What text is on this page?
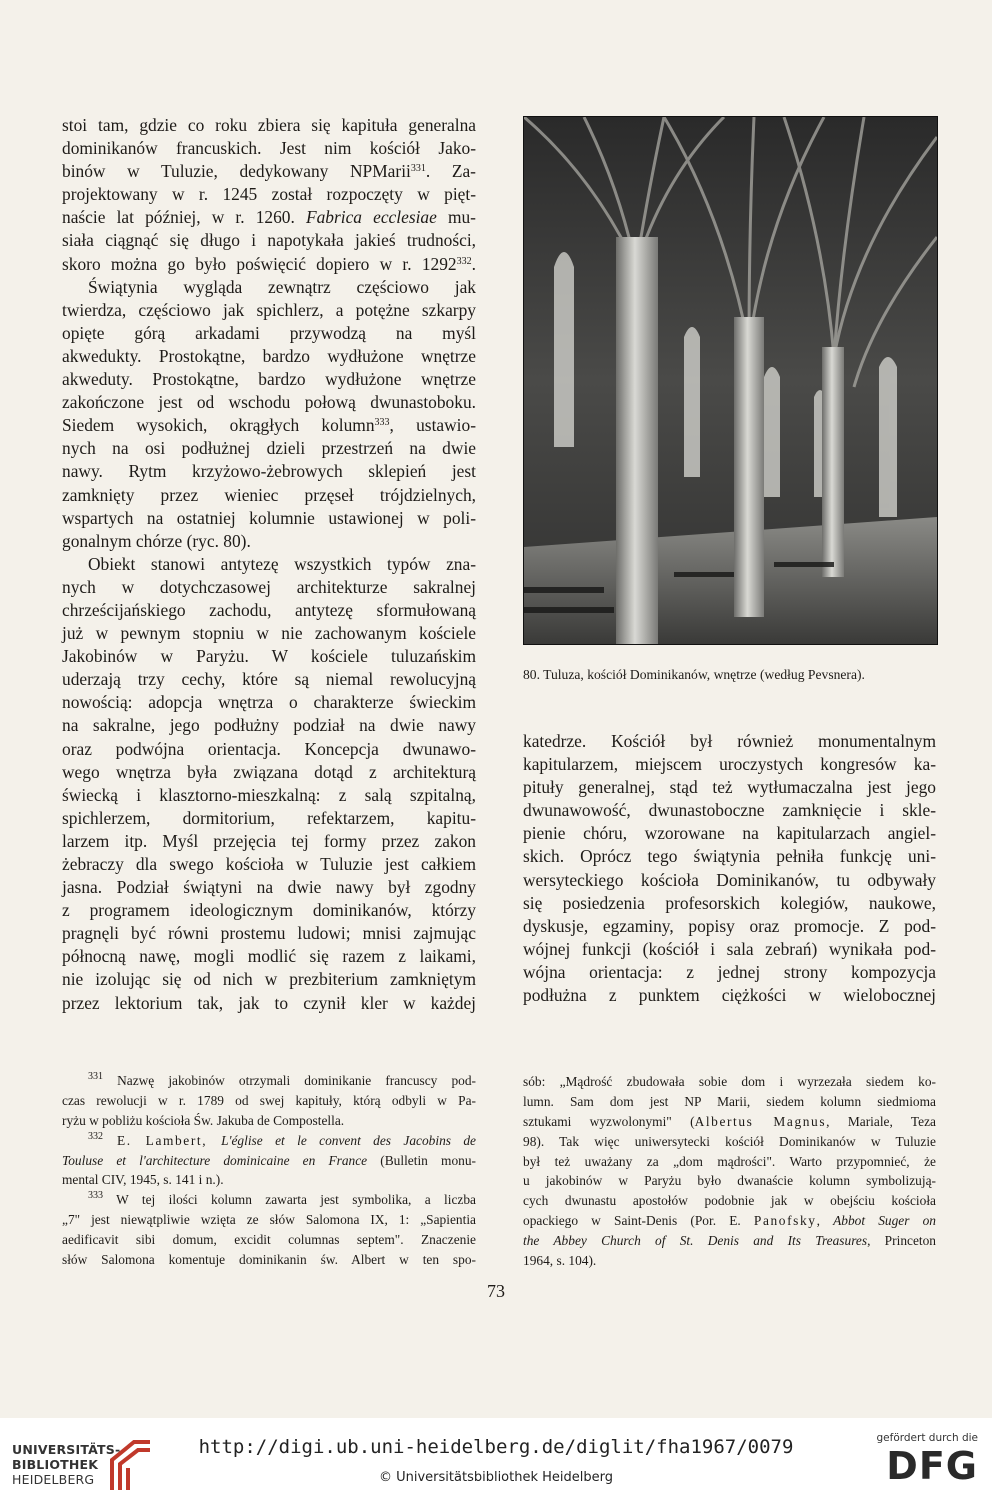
stoi tam, gdzie co roku zbiera się kapituła generalna
dominikanów francuskich. Jest nim kościół Jako-
binów w Tuluzie, dedykowany NPMarii$^{331}$. Za-
projektowany w r. 1245 został rozpoczęty w pięt-
naście lat później, w r. 1260. Fabrica ecclesiae mu-
siała ciągnąć się długo i napotykała jakieś trudności,
skoro można go było poświęcić dopiero w r. 1292$^{332}$.
Świątynia wygląda zewnątrz częściowo jak
twierdza, częściowo jak spichlerz, a potężne szkarpy
opięte górą arkadami przywodzą na myśl
akwedukty. Prostokątne, bardzo wydłużone wnętrze
akweduty. Prostokątne, bardzo wydłużone wnętrze
zakończone jest od wschodu połową dwunastoboku.
Siedem wysokich, okrągłych kolumn$^{333}$, ustawio-
nych na osi podłużnej dzieli przestrzeń na dwie
nawy. Rytm krzyżowo-żebrowych sklepień jest
zamknięty przez wieniec przęseł trójdzielnych,
wspartych na ostatniej kolumnie ustawionej w poli-
gonalnym chórze (ryc. 80).
Obiekt stanowi antytezę wszystkich typów zna-
nych w dotychczasowej architekturze sakralnej
chrześcijańskiego zachodu, antytezę sformułowaną
już w pewnym stopniu w nie zachowanym kościele
Jakobinów w Paryżu. W kościele tuluzańskim
uderzają trzy cechy, które są niemal rewolucyjną
nowością: adopcja wnętrza o charakterze świeckim
na sakralne, jego podłużny podział na dwie nawy
oraz podwójna orientacja. Koncepcja dwunawo-
wego wnętrza była związana dotąd z architekturą
świecką i klasztorno-mieszkalną: z salą szpitalną,
spichlerzem, dormitorium, refektarzem, kapitu-
larzem itp. Myśl przejęcia tej formy przez zakon
żebraczy dla swego kościoła w Tuluzie jest całkiem
jasna. Podział świątyni na dwie nawy był zgodny
z programem ideologicznym dominikanów, którzy
pragnęli być równi prostemu ludowi; mnisi zajmując
północną nawę, mogli modlić się razem z laikami,
nie izolując się od nich w prezbiterium zamkniętym
przez lektorium tak, jak to czynił kler w każdej
80. Tuluza, kościół Dominikanów, wnętrze (według Pevsnera).
katedrze. Kościół był również monumentalnym
kapitularzem, miejscem uroczystych kongresów ka-
pituły generalnej, stąd też wytłumaczalna jest jego
dwunawowość, dwunastoboczne zamknięcie i skle-
pienie chóru, wzorowane na kapitularzach angiel-
skich. Oprócz tego świątynia pełniła funkcję uni-
wersyteckiego kościoła Dominikanów, tu odbywały
się posiedzenia profesorskich kolegiów, naukowe,
dyskusje, egzaminy, popisy oraz promocje. Z pod-
wójnej funkcji (kościół i sala zebrań) wynikała pod-
wójna orientacja: z jednej strony kompozycja
podłużna z punktem ciężkości w wielobocznej
$^{331}$ Nazwę jakobinów otrzymali dominikanie francuscy pod-
czas rewolucji w r. 1789 od swej kapituły, którą odbyli w Pa-
ryżu w pobliżu kościoła Św. Jakuba de Compostella.
$^{332}$ E. Lambert, L'église et le convent des Jacobins de
Touluse et l'architecture dominicaine en France (Bulletin monu-
mental CIV, 1945, s. 141 i n.).
$^{333}$ W tej ilości kolumn zawarta jest symbolika, a liczba
„7" jest niewątpliwie wzięta ze słów Salomona IX, 1: „Sapientia
aedificavit sibi domum, excidit columnas septem". Znaczenie
słów Salomona komentuje dominikanin św. Albert w ten spo-
sób: „Mądrość zbudowała sobie dom i wyrzezała siedem ko-
lumn. Sam dom jest NP Marii, siedem kolumn siedmioma
sztukami wyzwolonymi" (Albertus Magnus, Mariale, Teza
98). Tak więc uniwersytecki kościół Dominikanów w Tuluzie
był też uważany za „dom mądrości". Warto przypomnieć, że
u jakobinów w Paryżu było dwanaście kolumn symbolizują-
cych dwunastu apostołów podobnie jak w obejściu kościoła
opackiego w Saint-Denis (Por. E. Panofsky, Abbot Suger on
the Abbey Church of St. Denis and Its Treasures, Princeton
1964, s. 104).
73
UNIVERSITÄTS-
BIBLIOTHEK
HEIDELBERG
http://digi.ub.uni-heidelberg.de/diglit/fha1967/0079
© Universitätsbibliothek Heidelberg
gefördert durch die
DFG
